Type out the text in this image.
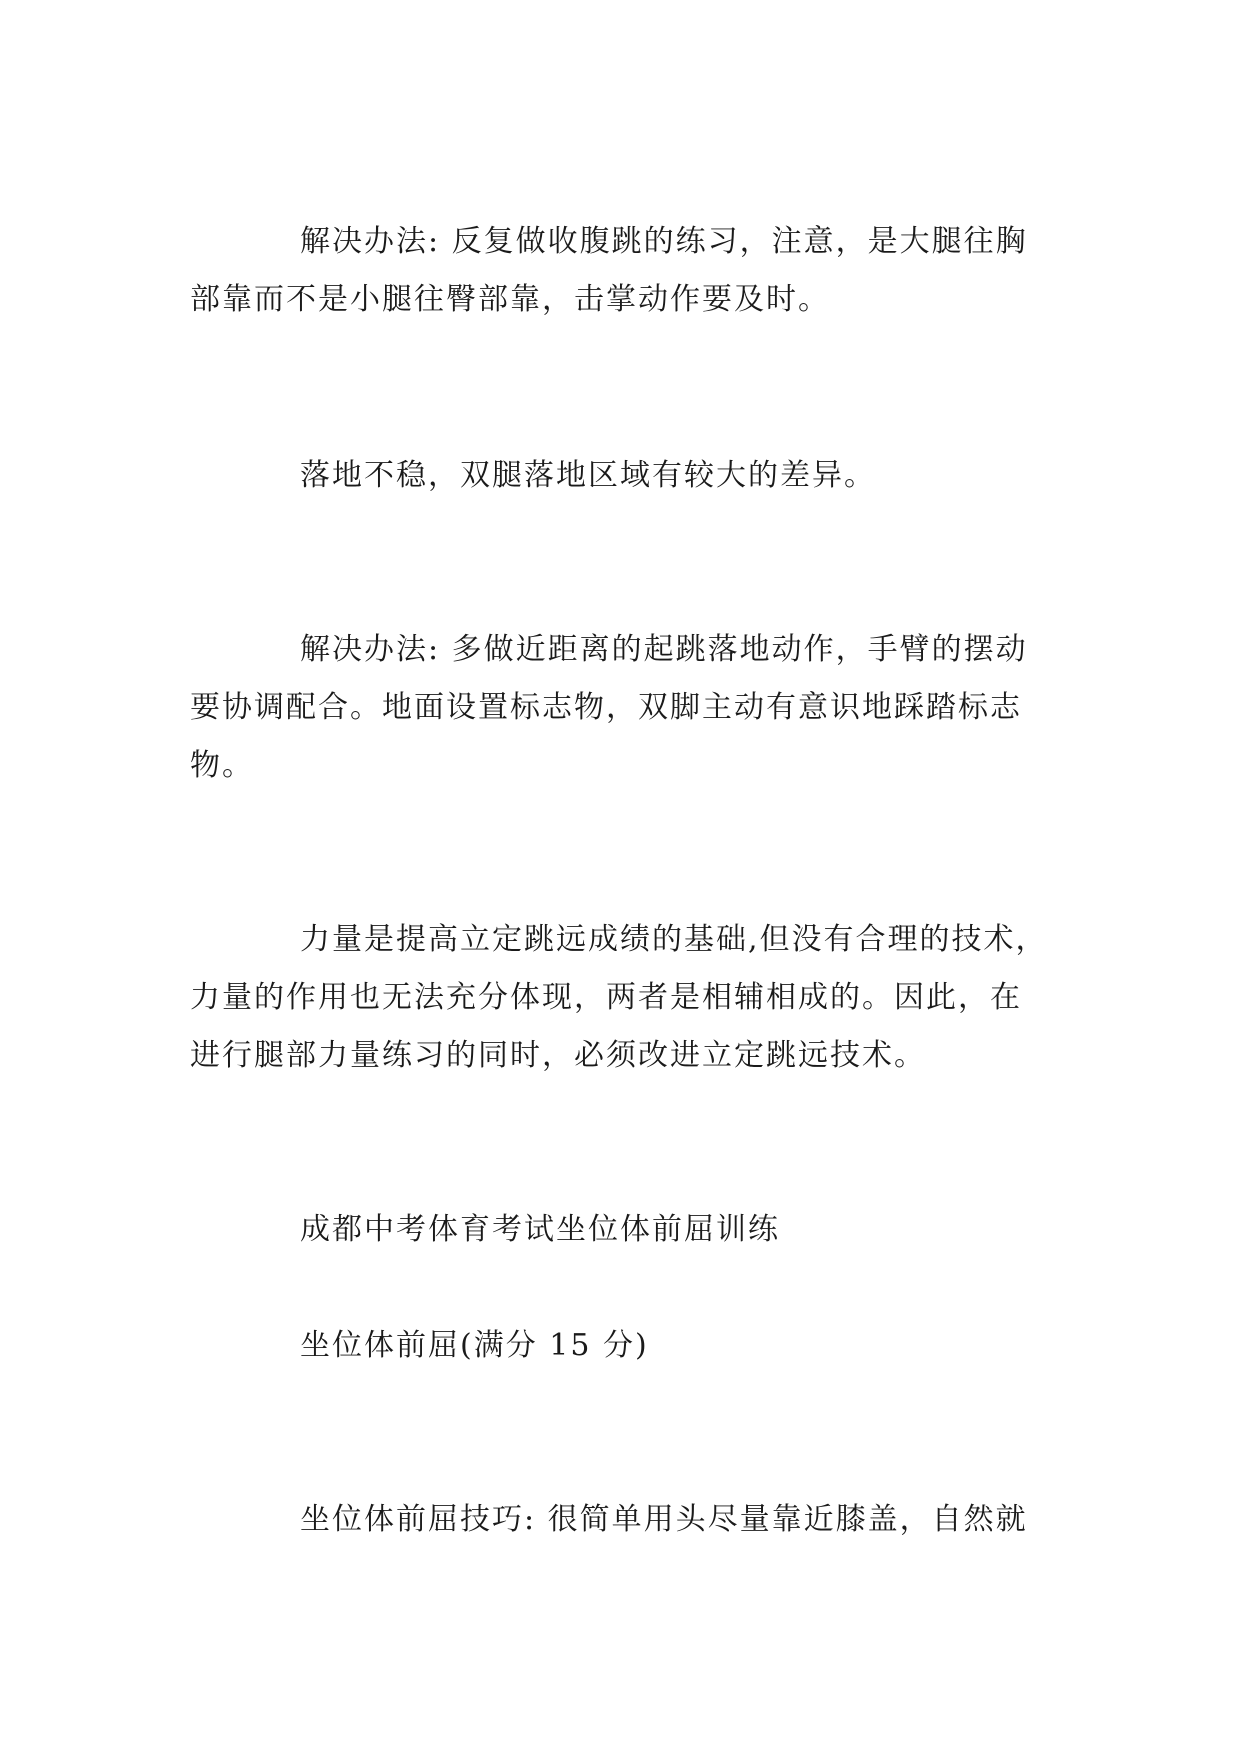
解决办法: 反复做收腹跳的练习，注意，是大腿往胸
部靠而不是小腿往臀部靠，击掌动作要及时。
落地不稳，双腿落地区域有较大的差异。
解决办法: 多做近距离的起跳落地动作，手臂的摆动
要协调配合。地面设置标志物，双脚主动有意识地踩踏标志
物。
力量是提高立定跳远成绩的基础,但没有合理的技术，
力量的作用也无法充分体现，两者是相辅相成的。因此，在
进行腿部力量练习的同时，必须改进立定跳远技术。
成都中考体育考试坐位体前屈训练
坐位体前屈(满分 15 分)
坐位体前屈技巧: 很简单用头尽量靠近膝盖，自然就
